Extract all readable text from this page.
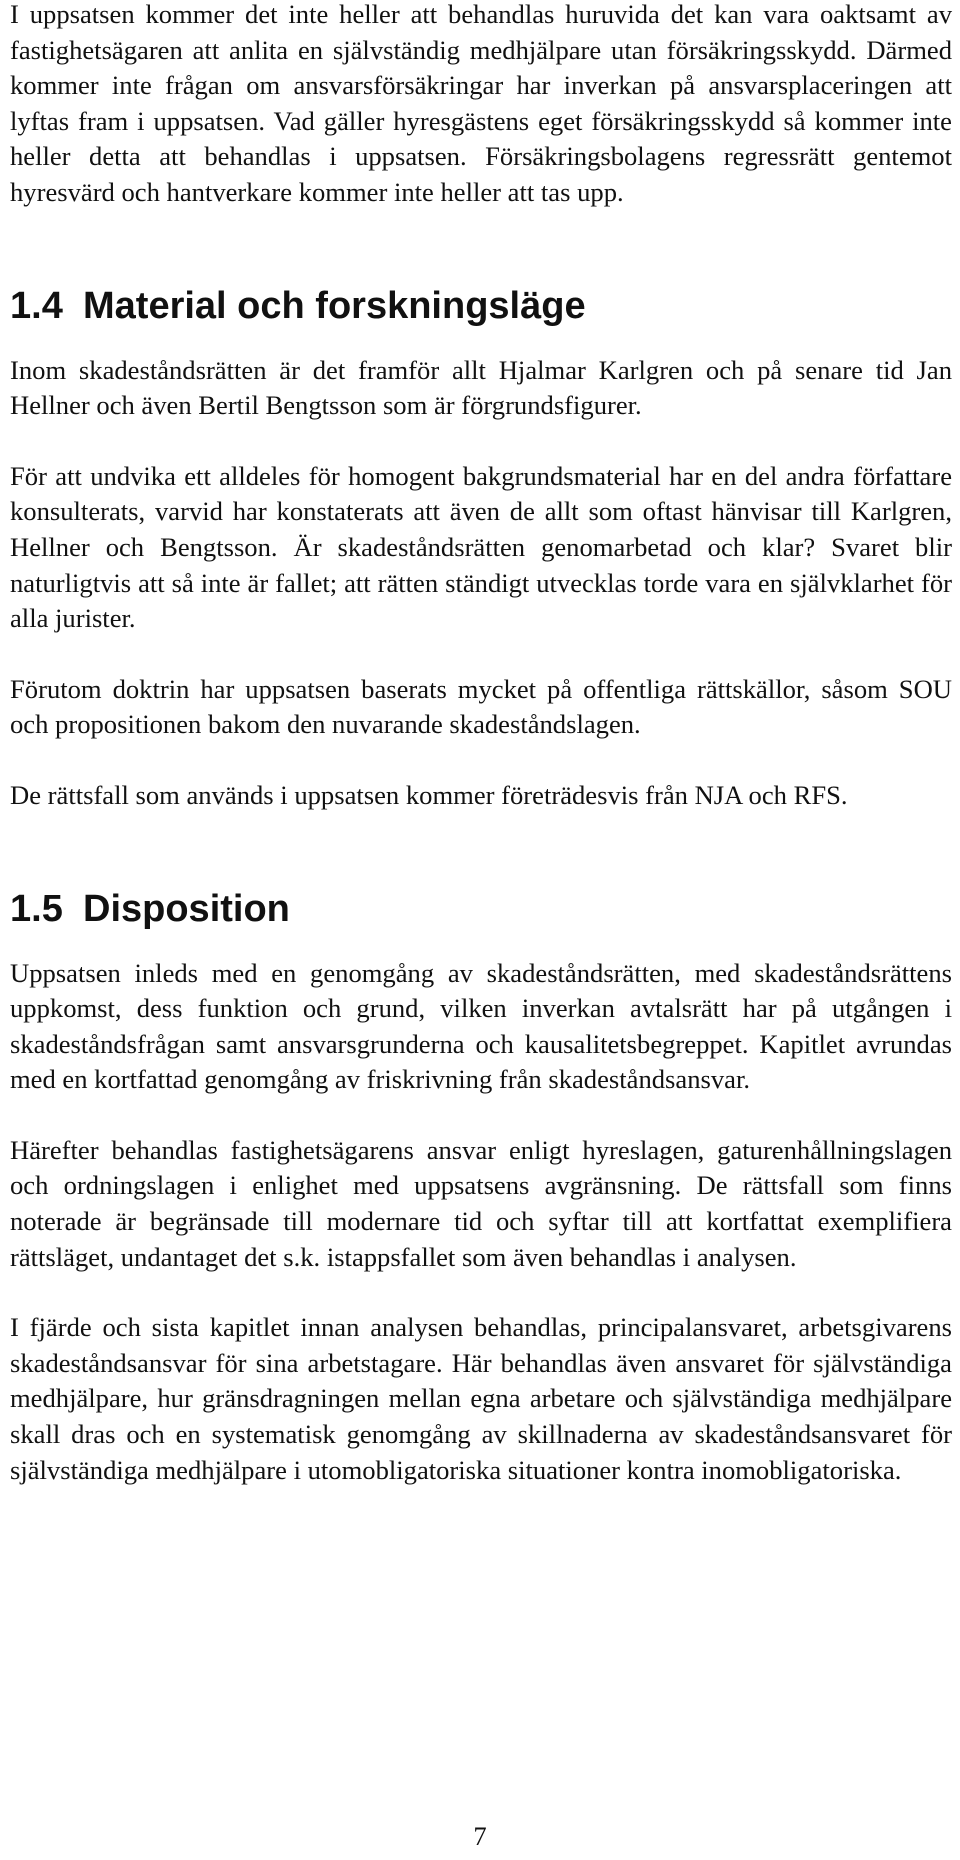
I uppsatsen kommer det inte heller att behandlas huruvida det kan vara oaktsamt av fastighetsägaren att anlita en självständig medhjälpare utan försäkringsskydd. Därmed kommer inte frågan om ansvarsförsäkringar har inverkan på ansvarsplaceringen att lyftas fram i uppsatsen. Vad gäller hyresgästens eget försäkringsskydd så kommer inte heller detta att behandlas i uppsatsen. Försäkringsbolagens regressrätt gentemot hyresvärd och hantverkare kommer inte heller att tas upp.

1.4 Material och forskningsläge

Inom skadeståndsrätten är det framför allt Hjalmar Karlgren och på senare tid Jan Hellner och även Bertil Bengtsson som är förgrundsfigurer.

För att undvika ett alldeles för homogent bakgrundsmaterial har en del andra författare konsulterats, varvid har konstaterats att även de allt som oftast hänvisar till Karlgren, Hellner och Bengtsson. Är skadeståndsrätten genomarbetad och klar? Svaret blir naturligtvis att så inte är fallet; att rätten ständigt utvecklas torde vara en självklarhet för alla jurister.

Förutom doktrin har uppsatsen baserats mycket på offentliga rättskällor, såsom SOU och propositionen bakom den nuvarande skadeståndslagen.

De rättsfall som används i uppsatsen kommer företrädesvis från NJA och RFS.

1.5 Disposition

Uppsatsen inleds med en genomgång av skadeståndsrätten, med skadeståndsrättens uppkomst, dess funktion och grund, vilken inverkan avtalsrätt har på utgången i skadeståndsfrågan samt ansvarsgrunderna och kausalitetsbegreppet. Kapitlet avrundas med en kortfattad genomgång av friskrivning från skadeståndsansvar.

Härefter behandlas fastighetsägarens ansvar enligt hyreslagen, gaturenhållningslagen och ordningslagen i enlighet med uppsatsens avgränsning. De rättsfall som finns noterade är begränsade till modernare tid och syftar till att kortfattat exemplifiera rättsläget, undantaget det s.k. istappsfallet som även behandlas i analysen.

I fjärde och sista kapitlet innan analysen behandlas, principalansvaret, arbetsgivarens skadeståndsansvar för sina arbetstagare. Här behandlas även ansvaret för självständiga medhjälpare, hur gränsdragningen mellan egna arbetare och självständiga medhjälpare skall dras och en systematisk genomgång av skillnaderna av skadeståndsansvaret för självständiga medhjälpare i utomobligatoriska situationer kontra inomobligatoriska.

7
